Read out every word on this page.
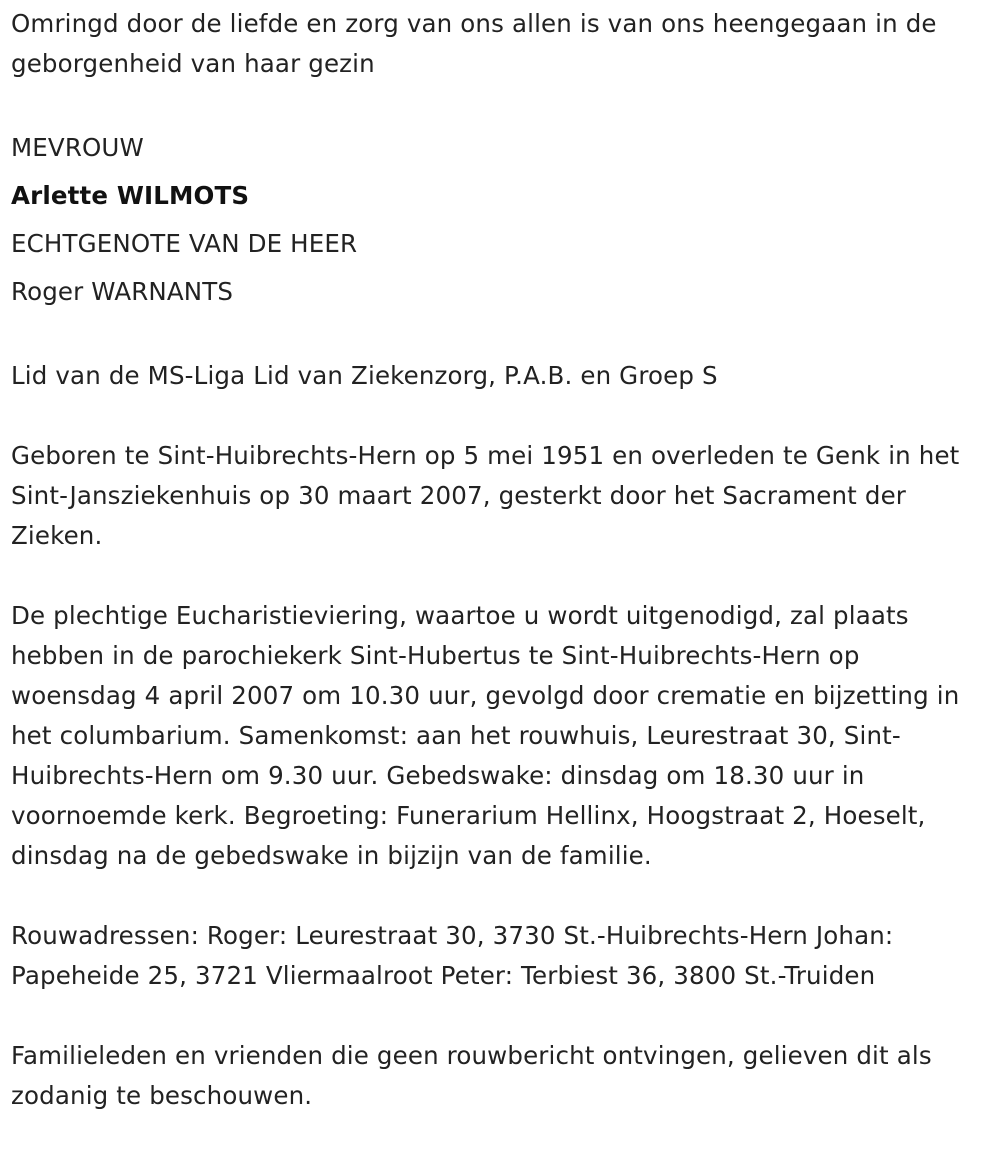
Omringd door de liefde en zorg van ons allen is van ons heengegaan in de geborgenheid van haar gezin

MEVROUW

Arlette WILMOTS

ECHTGENOTE VAN DE HEER

Roger WARNANTS

Lid van de MS-Liga Lid van Ziekenzorg, P.A.B. en Groep S

Geboren te Sint-Huibrechts-Hern op 5 mei 1951 en overleden te Genk in het Sint-Jansziekenhuis op 30 maart 2007, gesterkt door het Sacrament der Zieken.

De plechtige Eucharistieviering, waartoe u wordt uitgenodigd, zal plaats hebben in de parochiekerk Sint-Hubertus te Sint-Huibrechts-Hern op woensdag 4 april 2007 om 10.30 uur, gevolgd door crematie en bijzetting in het columbarium. Samenkomst: aan het rouwhuis, Leurestraat 30, Sint-Huibrechts-Hern om 9.30 uur. Gebedswake: dinsdag om 18.30 uur in voornoemde kerk. Begroeting: Funerarium Hellinx, Hoogstraat 2, Hoeselt, dinsdag na de gebedswake in bijzijn van de familie.

Rouwadressen: Roger: Leurestraat 30, 3730 St.-Huibrechts-Hern Johan: Papeheide 25, 3721 Vliermaalroot Peter: Terbiest 36, 3800 St.-Truiden

Familieleden en vrienden die geen rouwbericht ontvingen, gelieven dit als zodanig te beschouwen.
